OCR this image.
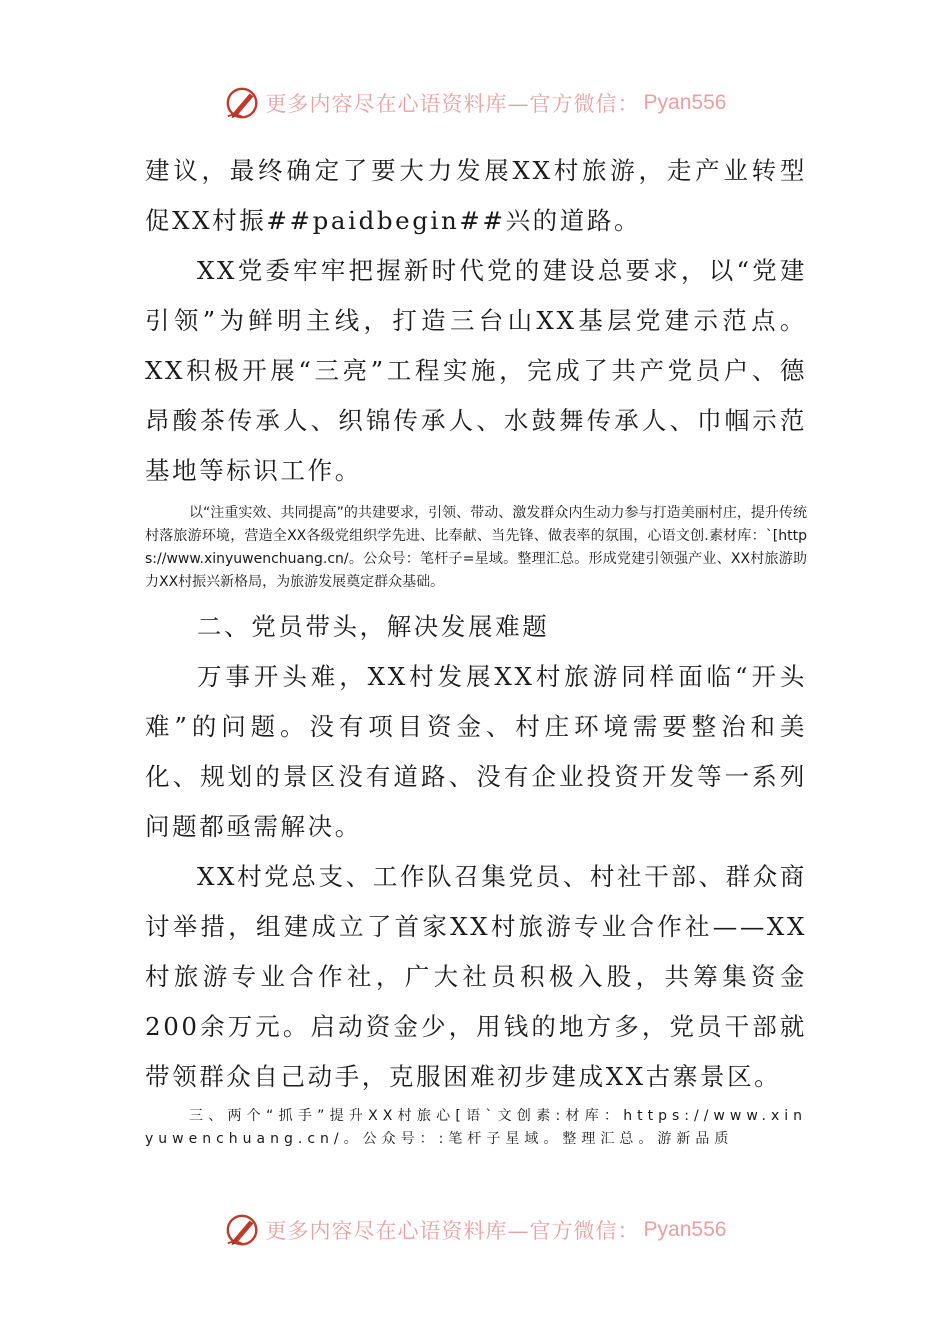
更多内容尽在心语资料库—官方微信： Pyan556

建议，最终确定了要大力发展XX村旅游，走产业转型促XX村振##paidbegin##兴的道路。

XX党委牢牢把握新时代党的建设总要求，以“党建引领”为鲜明主线，打造三台山XX基层党建示范点。XX积极开展“三亮”工程实施，完成了共产党员户、德昂酸茶传承人、织锦传承人、水鼓舞传承人、巾帼示范基地等标识工作。

以“注重实效、共同提高”的共建要求，引领、带动、激发群众内生动力参与打造美丽村庄，提升传统村落旅游环境，营造全XX各级党组织学先进、比奉献、当先锋、做表率的氛围，心语文创.素材库：`[https://www.xinyuwenchuang.cn/。公众号：笔杆子=星域。整理汇总。形成党建引领强产业、XX村旅游助力XX村振兴新格局，为旅游发展奠定群众基础。

二、党员带头，解决发展难题

万事开头难，XX村发展XX村旅游同样面临“开头难”的问题。没有项目资金、村庄环境需要整治和美化、规划的景区没有道路、没有企业投资开发等一系列问题都亟需解决。

XX村党总支、工作队召集党员、村社干部、群众商讨举措，组建成立了首家XX村旅游专业合作社——XX村旅游专业合作社，广大社员积极入股，共筹集资金200余万元。启动资金少，用钱的地方多，党员干部就带领群众自己动手，克服困难初步建成XX古寨景区。

三、两个“抓手”提升XX村旅心[语`文创素:材库：https://www.xinyuwenchuang.cn/。公众号：:笔杆子星域。整理汇总。游新品质

更多内容尽在心语资料库—官方微信： Pyan556
